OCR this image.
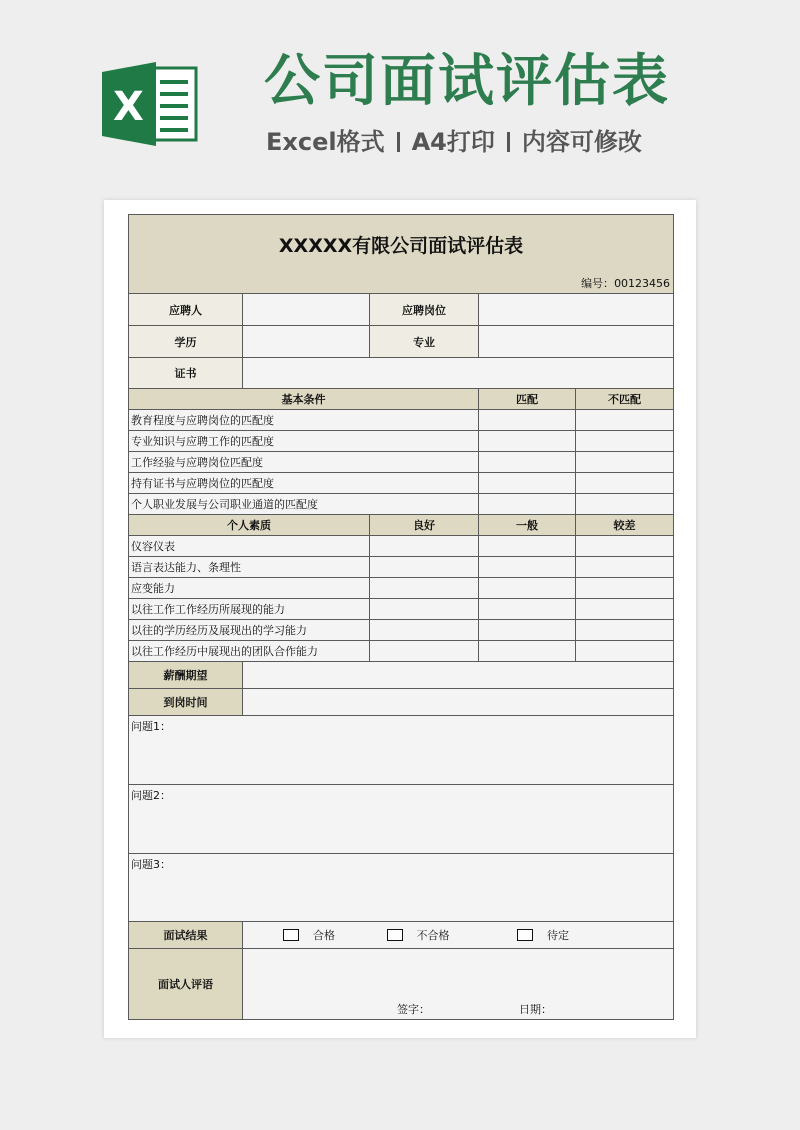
X 公司面试评估表
Excel格式 A4打印 内容可修改
XXXXX有限公司面试评估表
编号：00123456				

应聘人		应聘岗位		
学历		专业		
证书				
基本条件			匹配	不匹配
教育程度与应聘岗位的匹配度				
专业知识与应聘工作的匹配度				
工作经验与应聘岗位匹配度				
持有证书与应聘岗位的匹配度				
个人职业发展与公司职业通道的匹配度				
个人素质		良好	一般	较差
仪容仪表				
语言表达能力、条理性				
应变能力				
以往工作工作经历所展现的能力				
以往的学历经历及展现出的学习能力				
以往工作经历中展现出的团队合作能力				
薪酬期望				
到岗时间				
问题1：				
问题2：				
问题3：				
面试结果	合格 不合格 待定			
面试人评语	签字： 日期：			
